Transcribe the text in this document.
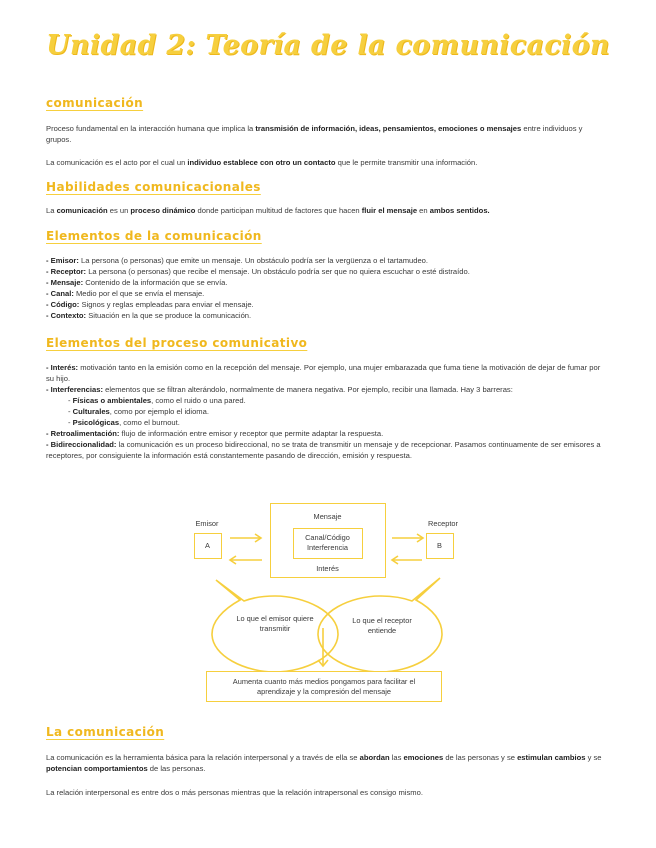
Unidad 2: Teoría de la comunicación
comunicación
Proceso fundamental en la interacción humana que implica la transmisión de información, ideas, pensamientos, emociones o mensajes entre individuos y grupos.
La comunicación es el acto por el cual un individuo establece con otro un contacto que le permite transmitir una información.
Habilidades comunicacionales
La comunicación es un proceso dinámico donde participan multitud de factores que hacen fluir el mensaje en ambos sentidos.
Elementos de la comunicación
- Emisor: La persona (o personas) que emite un mensaje. Un obstáculo podría ser la vergüenza o el tartamudeo.
- Receptor: La persona (o personas) que recibe el mensaje. Un obstáculo podría ser que no quiera escuchar o esté distraído.
- Mensaje: Contenido de la información que se envía.
- Canal: Medio por el que se envía el mensaje.
- Código: Signos y reglas empleadas para enviar el mensaje.
- Contexto: Situación en la que se produce la comunicación.
Elementos del proceso comunicativo
- Interés: motivación tanto en la emisión como en la recepción del mensaje. Por ejemplo, una mujer embarazada que fuma tiene la motivación de dejar de fumar por su hijo.
- Interferencias: elementos que se filtran alterándolo, normalmente de manera negativa. Por ejemplo, recibir una llamada. Hay 3 barreras:
- Físicas o ambientales, como el ruido o una pared.
- Culturales, como por ejemplo el idioma.
- Psicológicas, como el burnout.
- Retroalimentación: flujo de información entre emisor y receptor que permite adaptar la respuesta.
- Bidireccionalidad: la comunicación es un proceso bidireccional, no se trata de transmitir un mensaje y de recepcionar. Pasamos continuamente de ser emisores a receptores, por consiguiente la información está constantemente pasando de dirección, emisión y respuesta.
Emisor
A
Receptor
B
Mensaje
Canal/Código
Interferencia
Interés
Lo que el emisor quiere transmitir
Lo que el receptor entiende
Aumenta cuanto más medios pongamos para facilitar el aprendizaje y la compresión del mensaje
La comunicación
La comunicación es la herramienta básica para la relación interpersonal y a través de ella se abordan las emociones de las personas y se estimulan cambios y se potencian comportamientos de las personas.
La relación interpersonal es entre dos o más personas mientras que la relación intrapersonal es consigo mismo.
